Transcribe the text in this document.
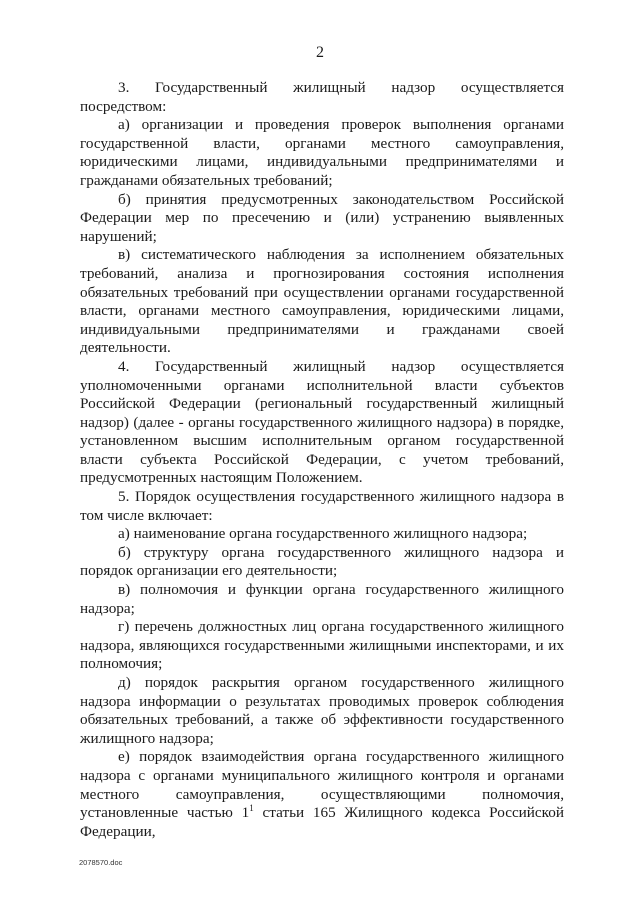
2

3. Государственный жилищный надзор осуществляется посредством:

а) организации и проведения проверок выполнения органами государственной власти, органами местного самоуправления, юридическими лицами, индивидуальными предпринимателями и гражданами обязательных требований;

б) принятия предусмотренных законодательством Российской Федерации мер по пресечению и (или) устранению выявленных нарушений;

в) систематического наблюдения за исполнением обязательных требований, анализа и прогнозирования состояния исполнения обязательных требований при осуществлении органами государственной власти, органами местного самоуправления, юридическими лицами, индивидуальными предпринимателями и гражданами своей деятельности.

4. Государственный жилищный надзор осуществляется уполномоченными органами исполнительной власти субъектов Российской Федерации (региональный государственный жилищный надзор) (далее - органы государственного жилищного надзора) в порядке, установленном высшим исполнительным органом государственной власти субъекта Российской Федерации, с учетом требований, предусмотренных настоящим Положением.

5. Порядок осуществления государственного жилищного надзора в том числе включает:

а) наименование органа государственного жилищного надзора;

б) структуру органа государственного жилищного надзора и порядок организации его деятельности;

в) полномочия и функции органа государственного жилищного надзора;

г) перечень должностных лиц органа государственного жилищного надзора, являющихся государственными жилищными инспекторами, и их полномочия;

д) порядок раскрытия органом государственного жилищного надзора информации о результатах проводимых проверок соблюдения обязательных требований, а также об эффективности государственного жилищного надзора;

е) порядок взаимодействия органа государственного жилищного надзора с органами муниципального жилищного контроля и органами местного самоуправления, осуществляющими полномочия, установленные частью 1$^1$ статьи 165 Жилищного кодекса Российской Федерации,

2078570.doc
